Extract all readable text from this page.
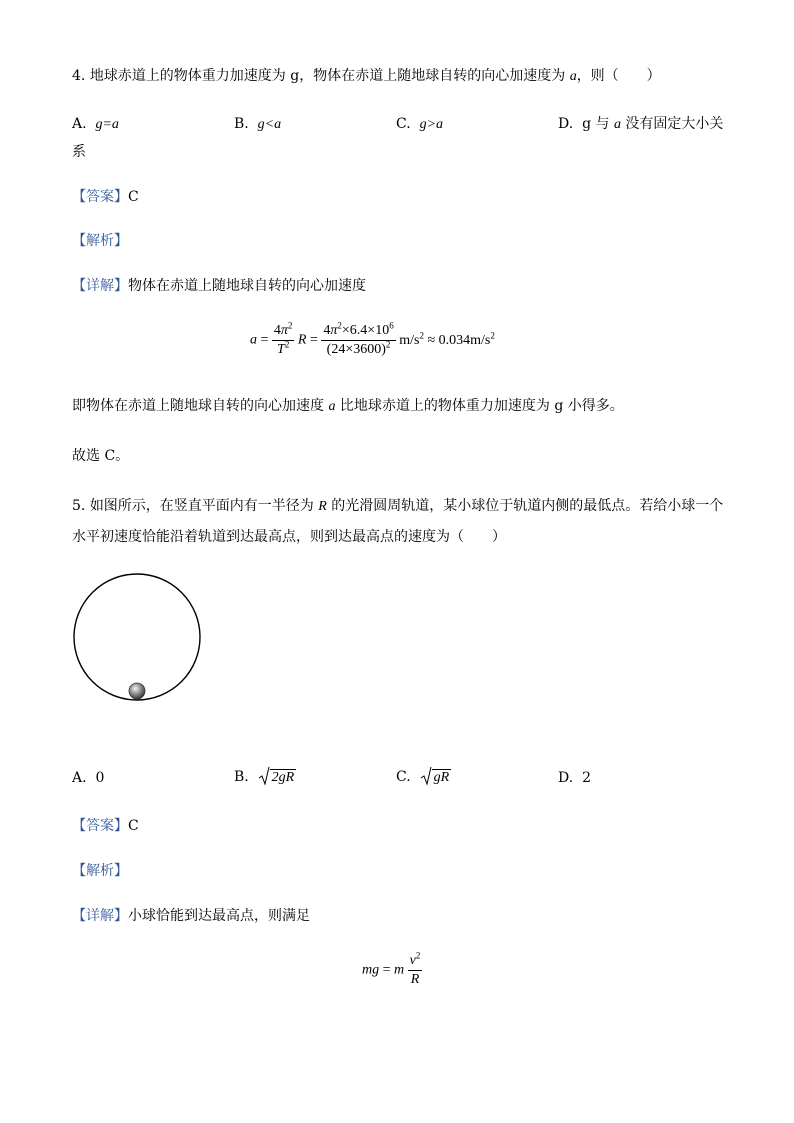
4. 地球赤道上的物体重力加速度为 g，物体在赤道上随地球自转的向心加速度为 a，则（　　）
A. g=a	B. g<a	C. g>a	D. g 与 a 没有固定大小关
系
【答案】C
【解析】
【详解】物体在赤道上随地球自转的向心加速度
$a = \frac{4\pi^2}{T^2}$ $R = \frac{4\pi^2\times 6.4\times 10^6}{(24\times 3600)^2} m/s^2 \approx 0.034m/s^2$
即物体在赤道上随地球自转的向心加速度 a 比地球赤道上的物体重力加速度为 g 小得多。
故选 C。
5. 如图所示，在竖直平面内有一半径为 R 的光滑圆周轨道，某小球位于轨道内侧的最低点。若给小球一个
水平初速度恰能沿着轨道到达最高点，则到达最高点的速度为（　　）
A. 0	B. 2gR	C. gR	D. 2
【答案】C
【解析】
【详解】小球恰能到达最高点，则满足
mg = m $\frac{v^2}{R}$
